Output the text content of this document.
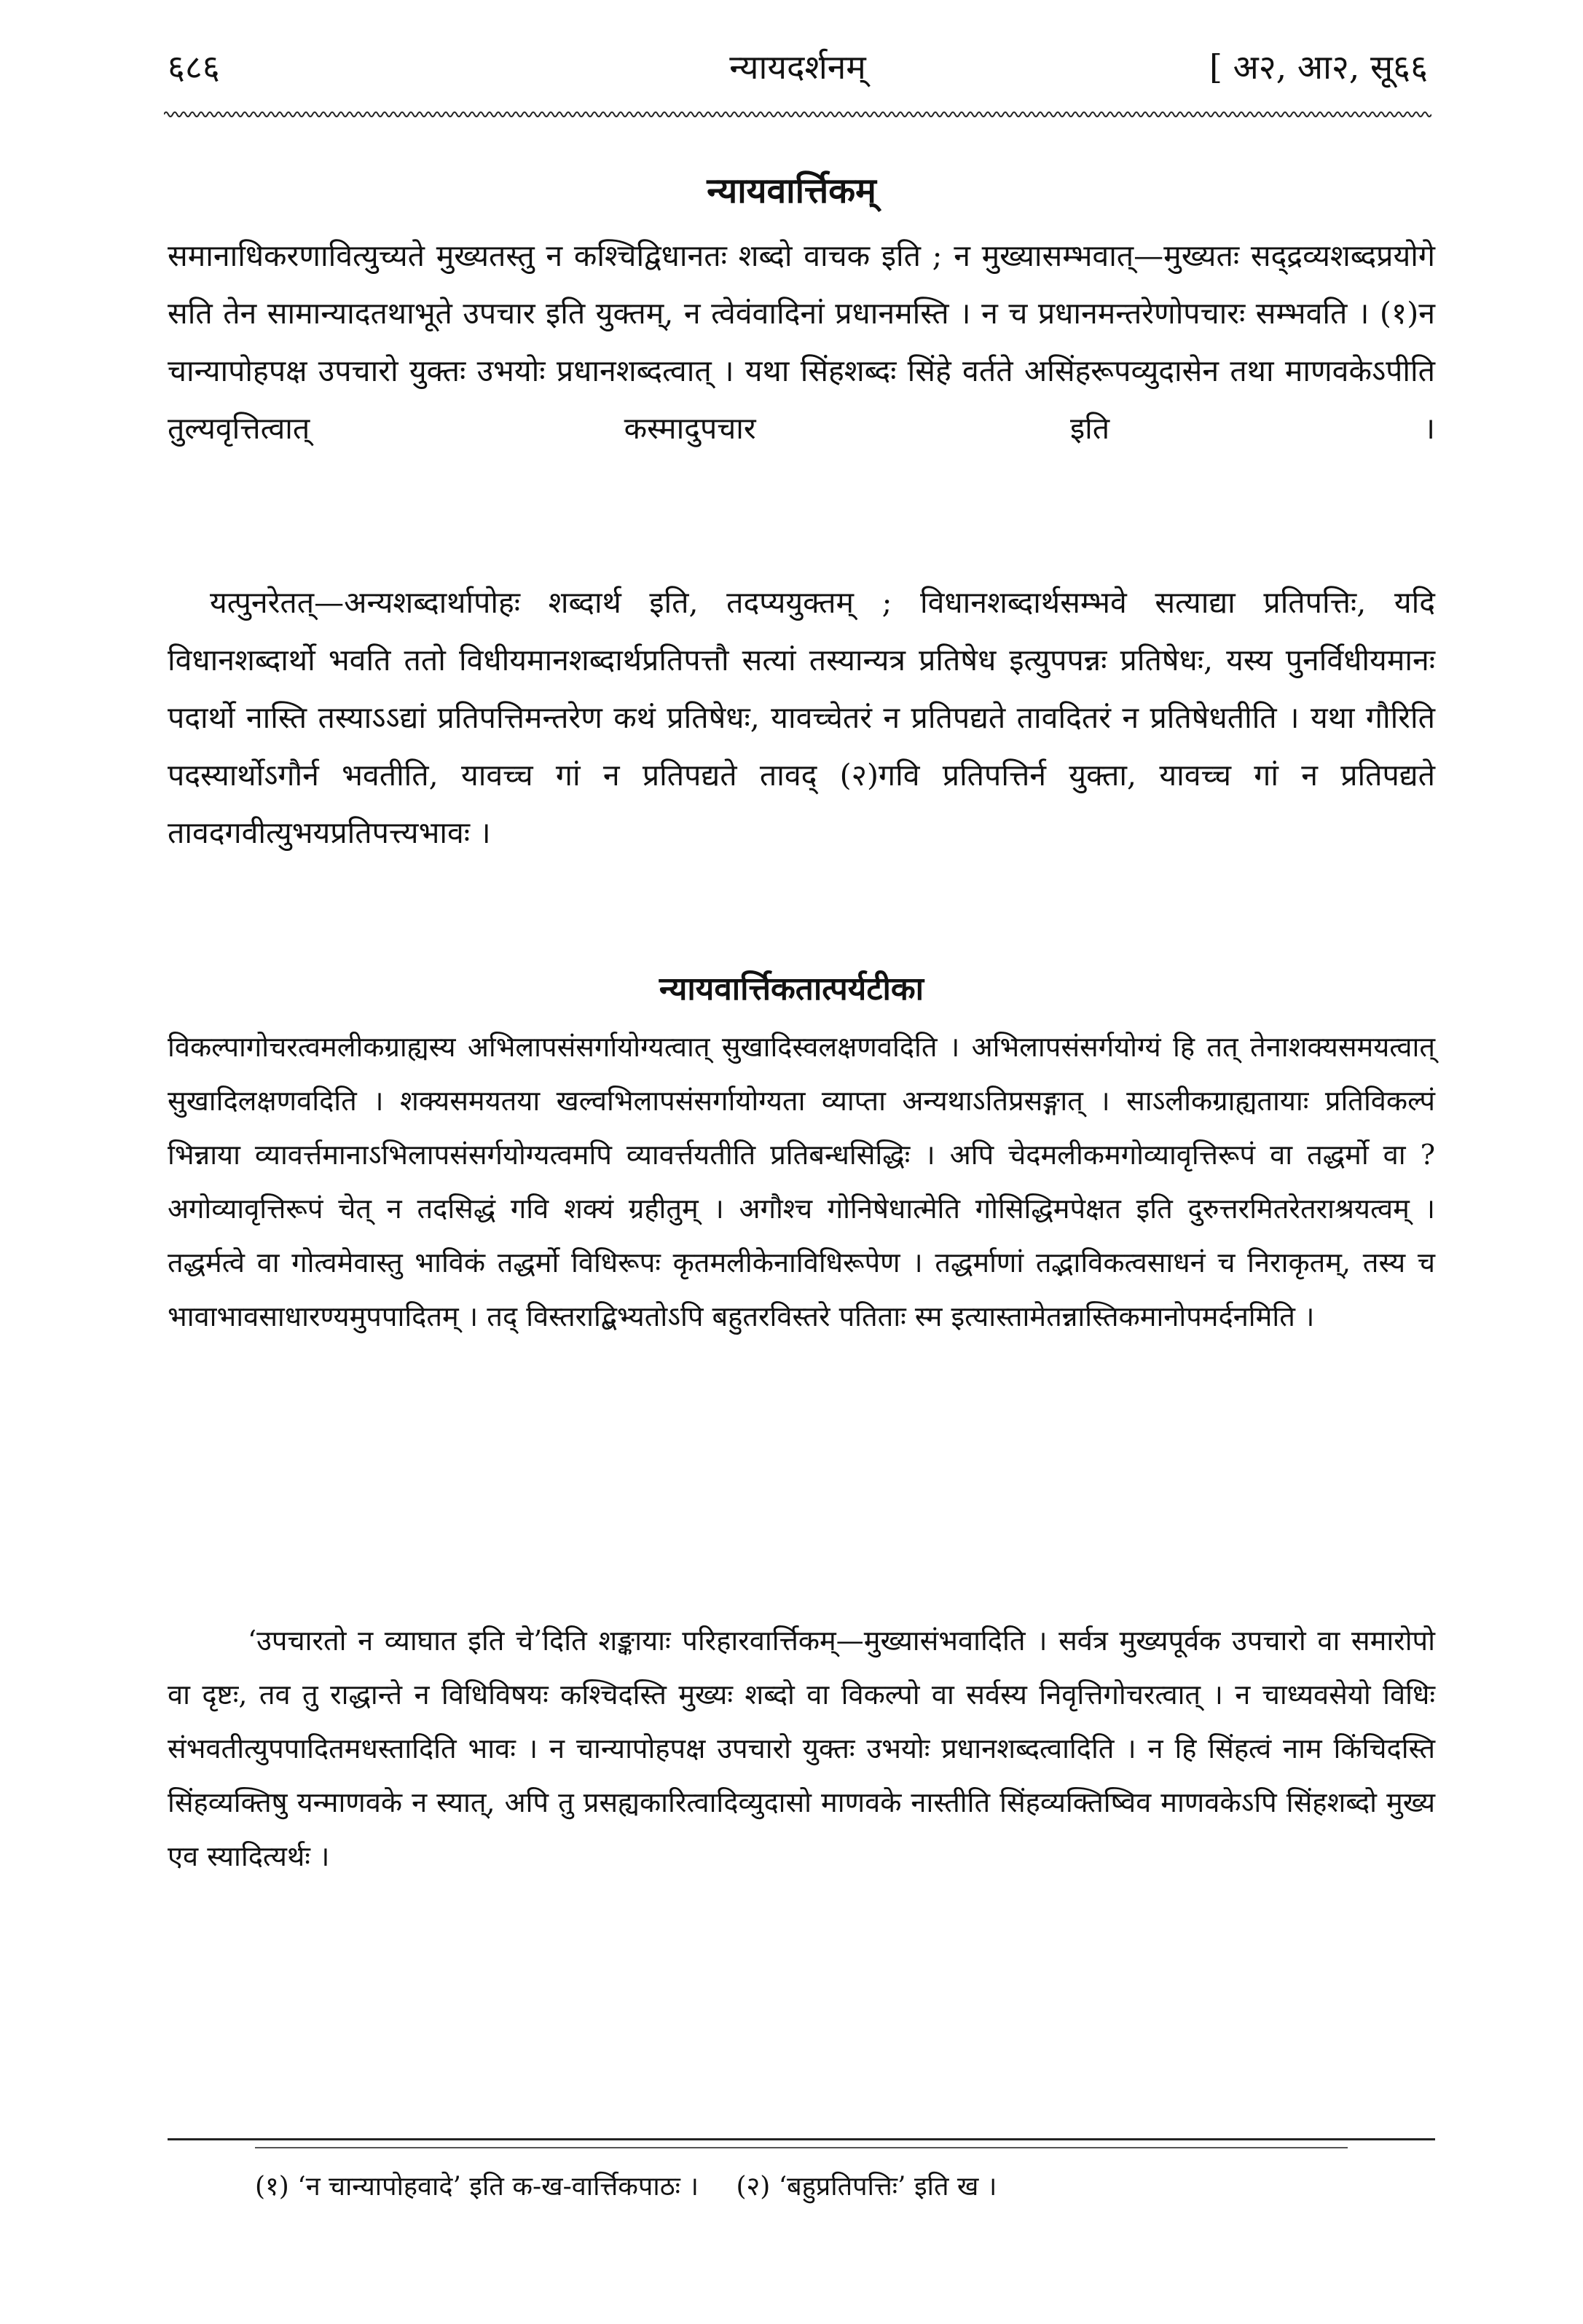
६८६	न्यायदर्शनम्	[ अ२, आ२, सू६६
न्यायवार्त्तिकम्

समानाधिकरणावित्युच्यते मुख्यतस्तु न कश्चिद्विधानतः शब्दो वाचक इति ; न मुख्यासम्भवात्—मुख्यतः सद्द्रव्यशब्दप्रयोगे सति तेन सामान्यादतथाभूते उपचार इति युक्तम्, न त्वेवंवादिनां प्रधानमस्ति । न च प्रधानमन्तरेणोपचारः सम्भवति । (१)न चान्यापोहपक्ष उपचारो युक्तः उभयोः प्रधानशब्दत्वात् । यथा सिंहशब्दः सिंहे वर्तते असिंहरूपव्युदासेन तथा माणवकेऽपीति तुल्यवृत्तित्वात् कस्मादुपचार इति ।

यत्पुनरेतत्—अन्यशब्दार्थापोहः शब्दार्थ इति, तदप्ययुक्तम् ; विधानशब्दार्थसम्भवे सत्याद्या प्रतिपत्तिः, यदि विधानशब्दार्थो भवति ततो विधीयमानशब्दार्थप्रतिपत्तौ सत्यां तस्यान्यत्र प्रतिषेध इत्युपपन्नः प्रतिषेधः, यस्य पुनर्विधीयमानः पदार्थो नास्ति तस्याऽऽद्यां प्रतिपत्तिमन्तरेण कथं प्रतिषेधः, यावच्चेतरं न प्रतिपद्यते तावदितरं न प्रतिषेधतीति । यथा गौरिति पदस्यार्थोऽगौर्न भवतीति, यावच्च गां न प्रतिपद्यते तावद् (२)गवि प्रतिपत्तिर्न युक्ता, यावच्च गां न प्रतिपद्यते तावदगवीत्युभयप्रतिपत्त्यभावः ।

न्यायवार्त्तिकतात्पर्यटीका

विकल्पागोचरत्वमलीकग्राह्यस्य अभिलापसंसर्गायोग्यत्वात् सुखादिस्वलक्षणवदिति । अभिलापसंसर्गयोग्यं हि तत् तेनाशक्यसमयत्वात् सुखादिलक्षणवदिति । शक्यसमयतया खल्वभिलापसंसर्गायोग्यता व्याप्ता अन्यथाऽतिप्रसङ्गात् । साऽलीकग्राह्यतायाः प्रतिविकल्पं भिन्नाया व्यावर्त्तमानाऽभिलापसंसर्गयोग्यत्वमपि व्यावर्त्तयतीति प्रतिबन्धसिद्धिः । अपि चेदमलीकमगोव्यावृत्तिरूपं वा तद्धर्मो वा ? अगोव्यावृत्तिरूपं चेत् न तदसिद्धं गवि शक्यं ग्रहीतुम् । अगौश्च गोनिषेधात्मेति गोसिद्धिमपेक्षत इति दुरुत्तरमितरेतराश्रयत्वम् । तद्धर्मत्वे वा गोत्वमेवास्तु भाविकं तद्धर्मो विधिरूपः कृतमलीकेनाविधिरूपेण । तद्धर्माणां तद्भाविकत्वसाधनं च निराकृतम्, तस्य च भावाभावसाधारण्यमुपपादितम् । तद् विस्तराद्बिभ्यतोऽपि बहुतरविस्तरे पतिताः स्म इत्यास्तामेतन्नास्तिकमानोपमर्दनमिति ।

‘उपचारतो न व्याघात इति चे’दिति शङ्कायाः परिहारवार्त्तिकम्—मुख्यासंभवादिति । सर्वत्र मुख्यपूर्वक उपचारो वा समारोपो वा दृष्टः, तव तु राद्धान्ते न विधिविषयः कश्चिदस्ति मुख्यः शब्दो वा विकल्पो वा सर्वस्य निवृत्तिगोचरत्वात् । न चाध्यवसेयो विधिः संभवतीत्युपपादितमधस्तादिति भावः । न चान्यापोहपक्ष उपचारो युक्तः उभयोः प्रधानशब्दत्वादिति । न हि सिंहत्वं नाम किंचिदस्ति सिंहव्यक्तिषु यन्माणवके न स्यात्, अपि तु प्रसह्यकारित्वादिव्युदासो माणवके नास्तीति सिंहव्यक्तिष्विव माणवकेऽपि सिंहशब्दो मुख्य एव स्यादित्यर्थः ।

(१) ‘न चान्यापोहवादे’ इति क-ख-वार्त्तिकपाठः । (२) ‘बहुप्रतिपत्तिः’ इति ख ।
